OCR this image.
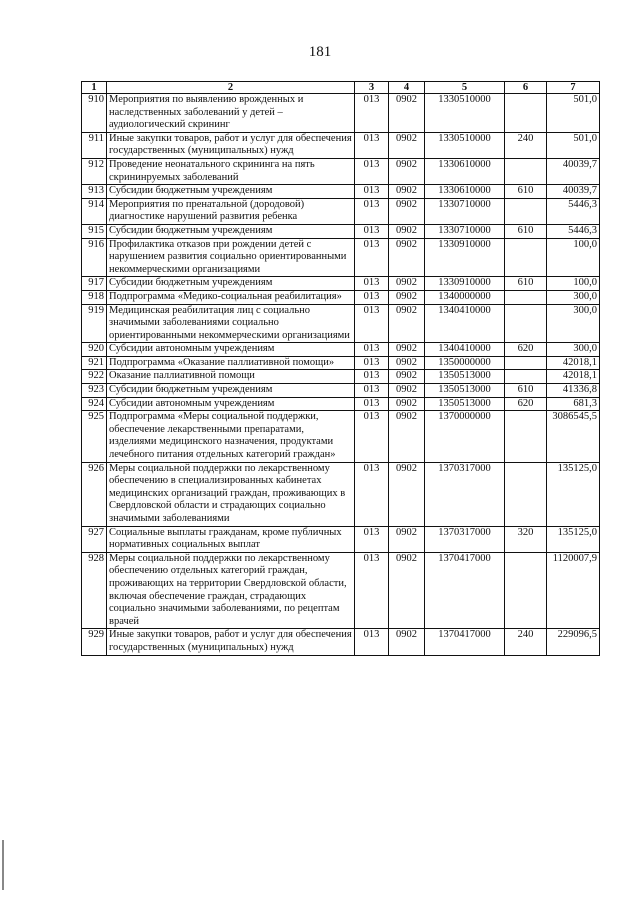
181
1	2	3	4	5	6	7
910	Мероприятия по выявлению врожденных и наследственных заболеваний у детей – аудиологический скрининг	013	0902	1330510000		501,0
911	Иные закупки товаров, работ и услуг для обеспечения государственных (муниципальных) нужд	013	0902	1330510000	240	501,0
912	Проведение неонатального скрининга на пять скрининруемых заболеваний	013	0902	1330610000		40039,7
913	Субсидии бюджетным учреждениям	013	0902	1330610000	610	40039,7
914	Мероприятия по пренатальной (дородовой) диагностике нарушений развития ребенка	013	0902	1330710000		5446,3
915	Субсидии бюджетным учреждениям	013	0902	1330710000	610	5446,3
916	Профилактика отказов при рождении детей с нарушением развития социально ориентированными некоммерческими организациями	013	0902	1330910000		100,0
917	Субсидии бюджетным учреждениям	013	0902	1330910000	610	100,0
918	Подпрограмма «Медико-социальная реабилитация»	013	0902	1340000000		300,0
919	Медицинская реабилитация лиц с социально значимыми заболеваниями социально ориентированными некоммерческими организациями	013	0902	1340410000		300,0
920	Субсидии автономным учреждениям	013	0902	1340410000	620	300,0
921	Подпрограмма «Оказание паллиативной помощи»	013	0902	1350000000		42018,1
922	Оказание паллиативной помощи	013	0902	1350513000		42018,1
923	Субсидии бюджетным учреждениям	013	0902	1350513000	610	41336,8
924	Субсидии автономным учреждениям	013	0902	1350513000	620	681,3
925	Подпрограмма «Меры социальной поддержки, обеспечение лекарственными препаратами, изделиями медицинского назначения, продуктами лечебного питания отдельных категорий граждан»	013	0902	1370000000		3086545,5
926	Меры социальной поддержки по лекарственному обеспечению в специализированных кабинетах медицинских организаций граждан, проживающих в Свердловской области и страдающих социально значимыми заболеваниями	013	0902	1370317000		135125,0
927	Социальные выплаты гражданам, кроме публичных нормативных социальных выплат	013	0902	1370317000	320	135125,0
928	Меры социальной поддержки по лекарственному обеспечению отдельных категорий граждан, проживающих на территории Свердловской области, включая обеспечение граждан, страдающих социально значимыми заболеваниями, по рецептам врачей	013	0902	1370417000		1120007,9
929	Иные закупки товаров, работ и услуг для обеспечения государственных (муниципальных) нужд	013	0902	1370417000	240	229096,5
